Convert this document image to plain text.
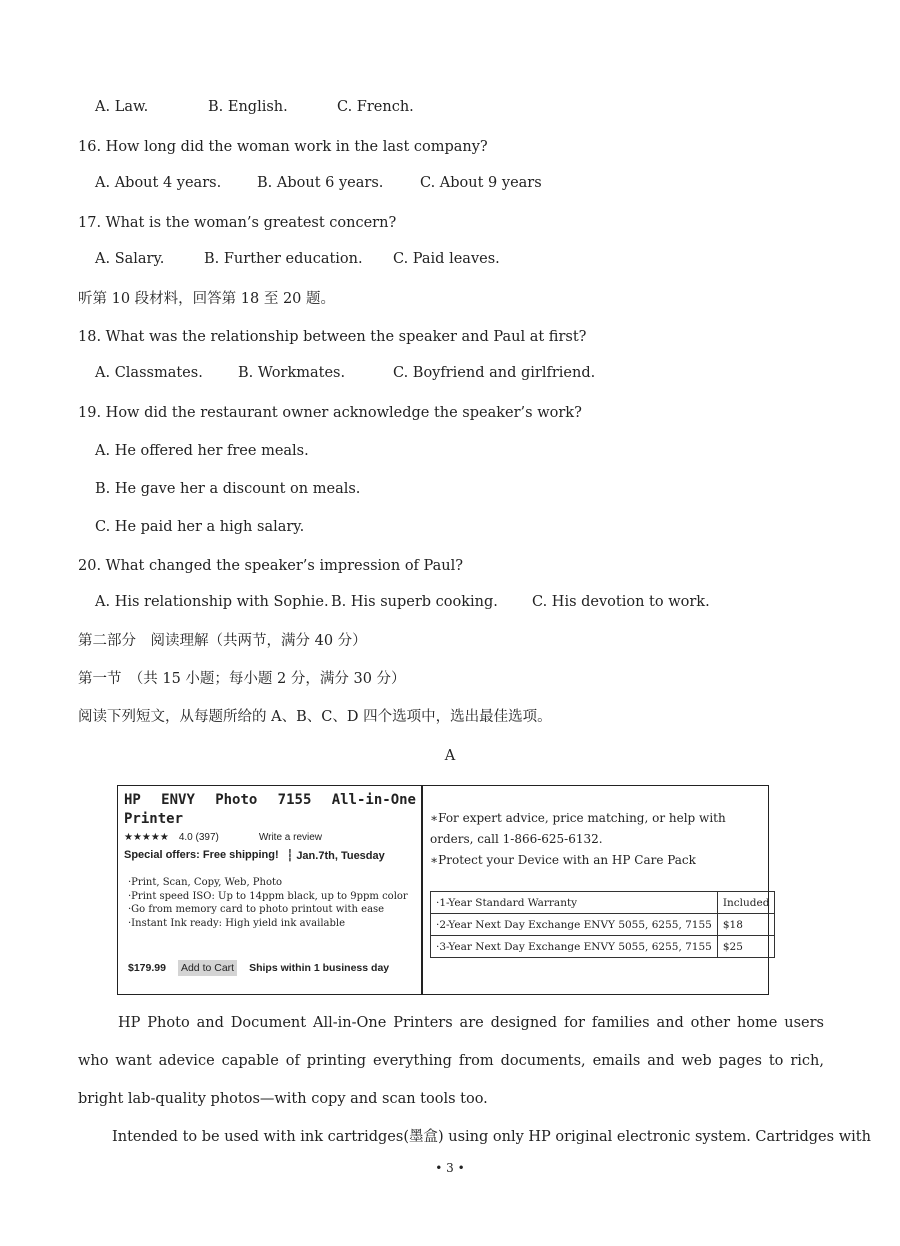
A. Law.	B. English.	C. French.
16. How long did the woman work in the last company?
A. About 4 years. B. About 6 years.	C. About 9 years
17. What is the woman’s greatest concern?
A. Salary.	B. Further education. C. Paid leaves.
听第 10 段材料，回答第 18 至 20 题。
18. What was the relationship between the speaker and Paul at first?
A. Classmates. B. Workmates.	C. Boyfriend and girlfriend.
19. How did the restaurant owner acknowledge the speaker’s work?
A. He offered her free meals.
B. He gave her a discount on meals.
C. He paid her a high salary.
20. What changed the speaker’s impression of Paul?
A. His relationship with Sophie. B. His superb cooking. C. His devotion to work.
第二部分　阅读理解（共两节，满分 40 分）
第一节　（共 15 小题；每小题 2 分，满分 30 分）
阅读下列短文，从每题所给的 A、B、C、D 四个选项中，选出最佳选项。
A
HP ENVY Photo 7155 All-in-One
Printer
★★★★★ 4.0 (397)	Write a review
Special offers: Free shipping! ┆ Jan.7th, Tuesday
·Print, Scan, Copy, Web, Photo
·Print speed ISO: Up to 14ppm black, up to 9ppm color
·Go from memory card to photo printout with ease
·Instant Ink ready: High yield ink available
$179.99 Add to Cart Ships within 1 business day
∗For expert advice, price matching, or help with orders, call 1-866-625-6132.
∗Protect your Device with an HP Care Pack
·1-Year Standard Warranty	Included
·2-Year Next Day Exchange ENVY 5055, 6255, 7155	$18
·3-Year Next Day Exchange ENVY 5055, 6255, 7155	$25
HP Photo and Document All-in-One Printers are designed for families and other home users who want adevice capable of printing everything from documents, emails and web pages to rich, bright lab-quality photos—with copy and scan tools too.
Intended to be used with ink cartridges(墨盒) using only HP original electronic system. Cartridges with
• 3 •
